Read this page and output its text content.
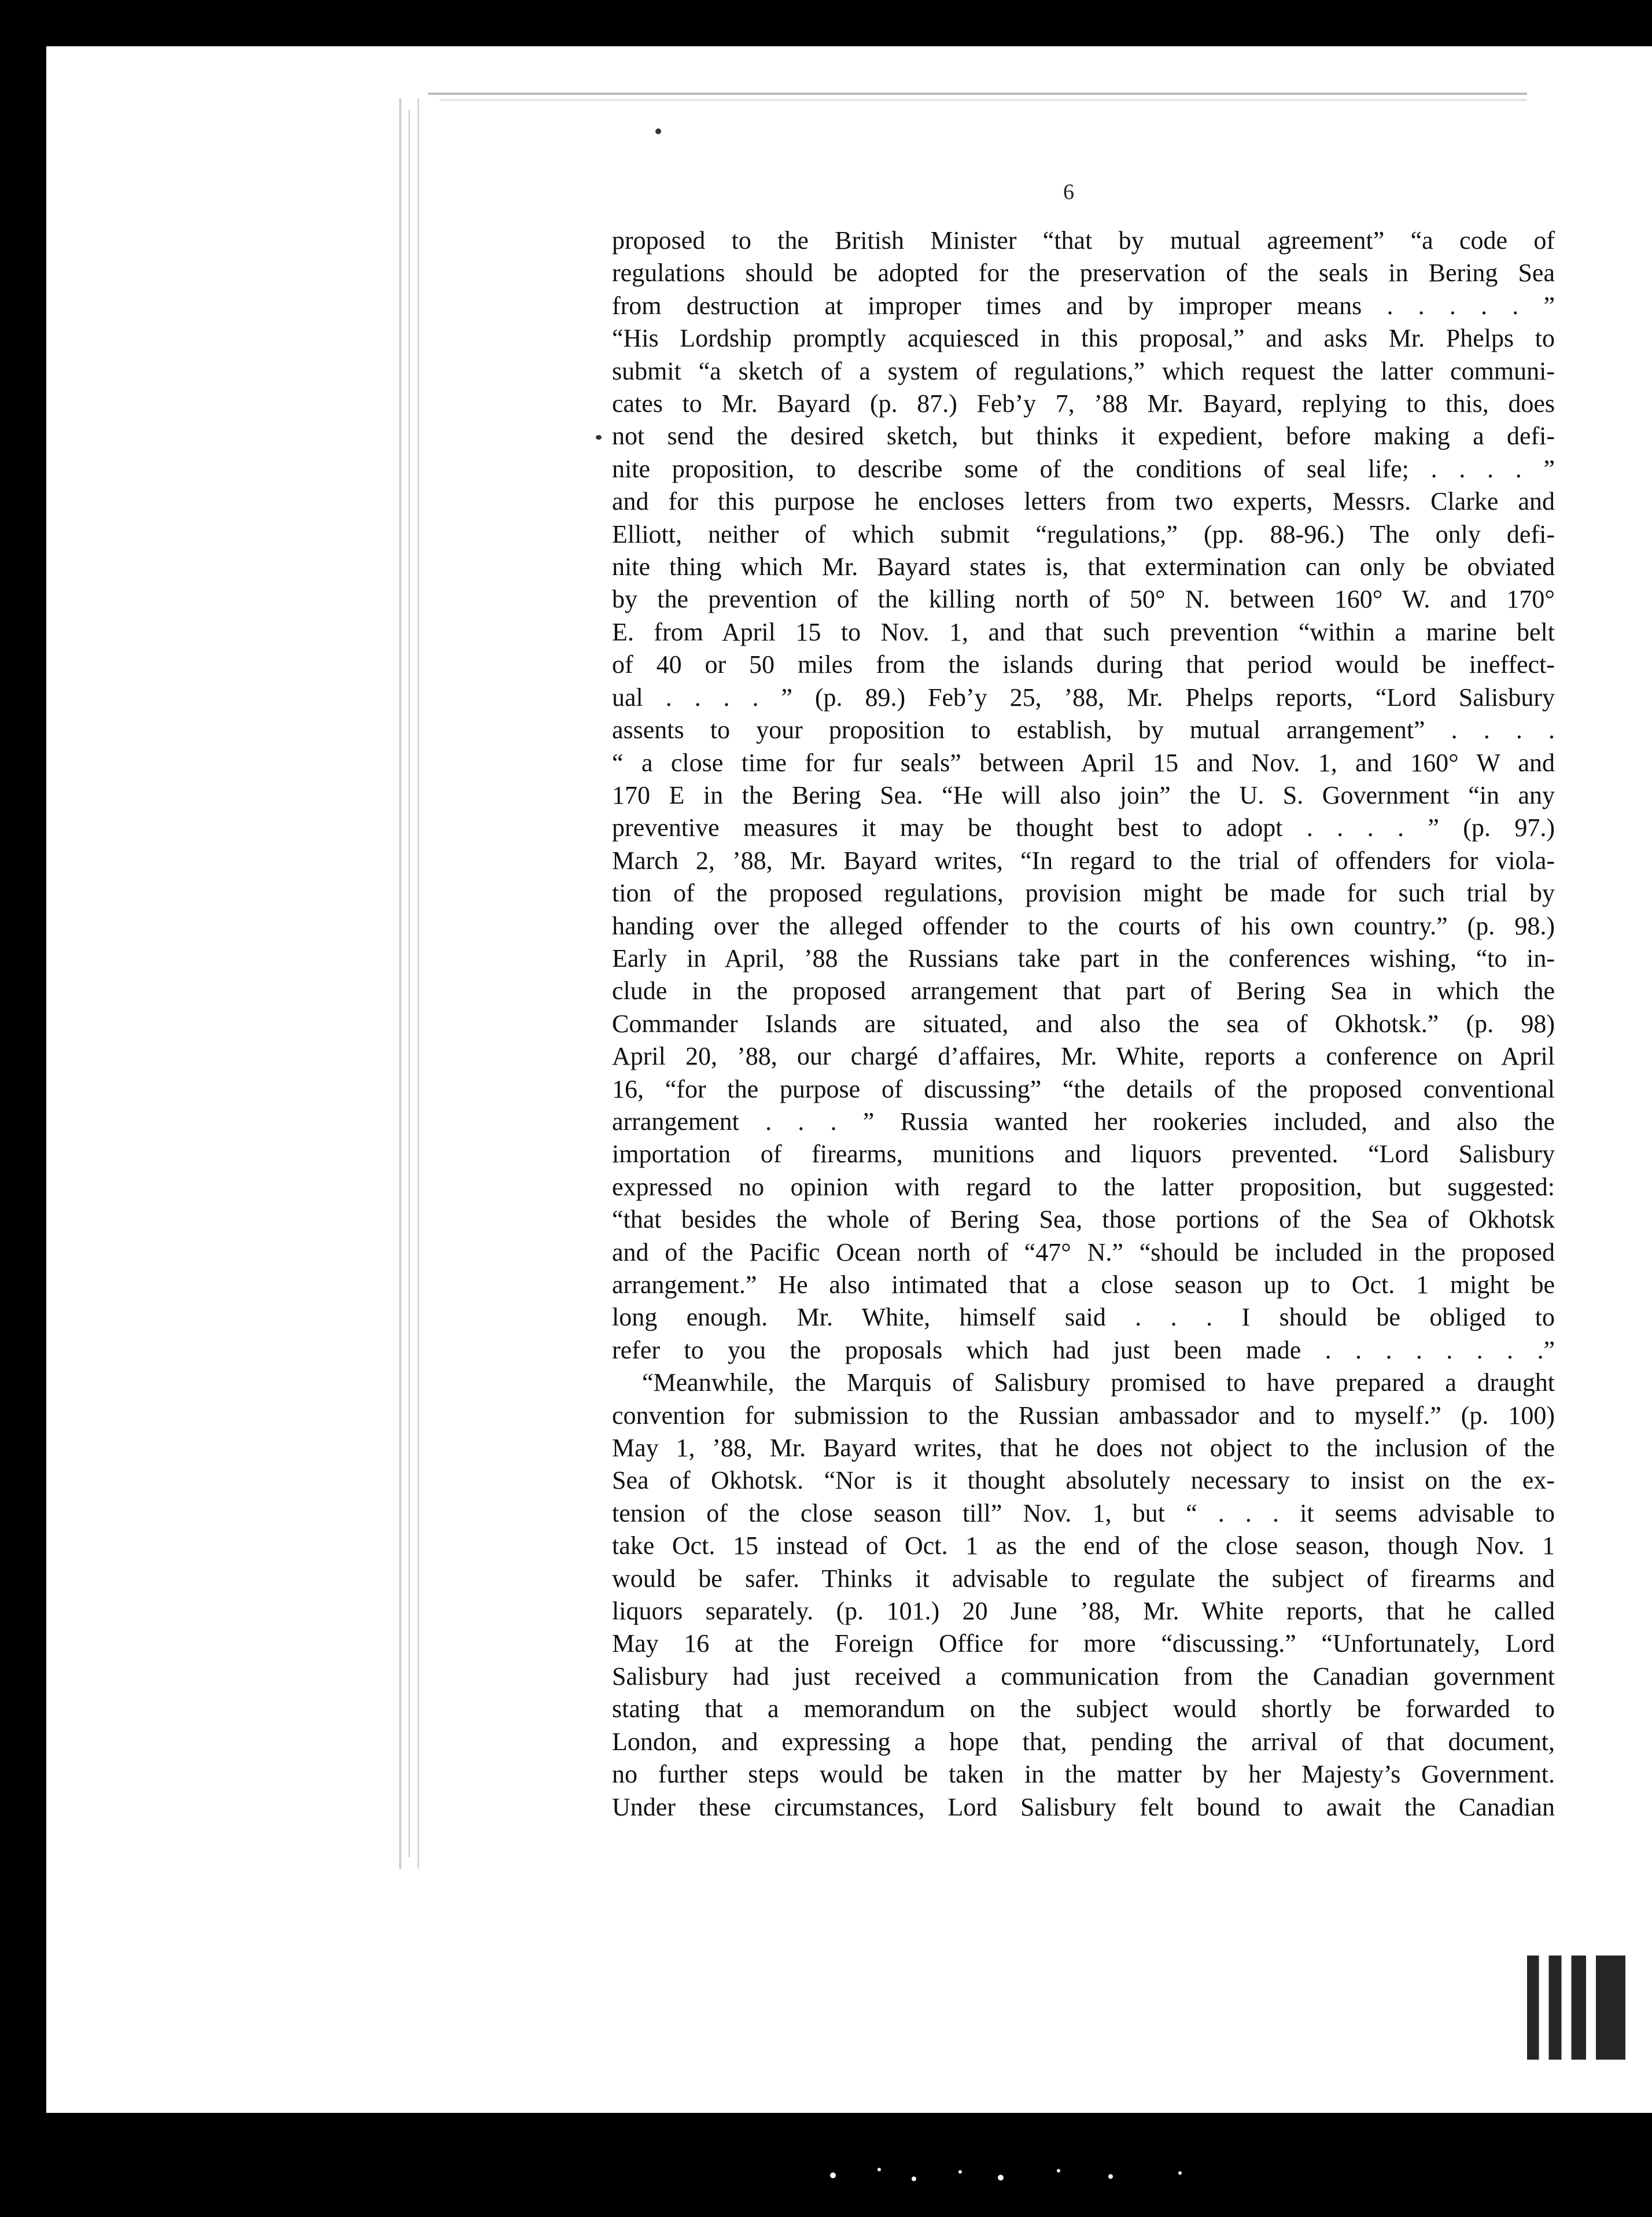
6
proposed to the British Minister “that by mutual agreement” “a code of
regulations should be adopted for the preservation of the seals in Bering Sea
from destruction at improper times and by improper means . . . . . ”
“His Lordship promptly acquiesced in this proposal,” and asks Mr. Phelps to
submit “a sketch of a system of regulations,” which request the latter communi-
cates to Mr. Bayard (p. 87.) Feb’y 7, ’88 Mr. Bayard, replying to this, does
not send the desired sketch, but thinks it expedient, before making a defi-
nite proposition, to describe some of the conditions of seal life; . . . . ”
and for this purpose he encloses letters from two experts, Messrs. Clarke and
Elliott, neither of which submit “regulations,” (pp. 88-96.) The only defi-
nite thing which Mr. Bayard states is, that extermination can only be obviated
by the prevention of the killing north of 50° N. between 160° W. and 170°
E. from April 15 to Nov. 1, and that such prevention “within a marine belt
of 40 or 50 miles from the islands during that period would be ineffect-
ual . . . . ” (p. 89.) Feb’y 25, ’88, Mr. Phelps reports, “Lord Salisbury
assents to your proposition to establish, by mutual arrangement” . . . .
“ a close time for fur seals” between April 15 and Nov. 1, and 160° W and
170 E in the Bering Sea. “He will also join” the U. S. Government “in any
preventive measures it may be thought best to adopt . . . . ” (p. 97.)
March 2, ’88, Mr. Bayard writes, “In regard to the trial of offenders for viola-
tion of the proposed regulations, provision might be made for such trial by
handing over the alleged offender to the courts of his own country.” (p. 98.)
Early in April, ’88 the Russians take part in the conferences wishing, “to in-
clude in the proposed arrangement that part of Bering Sea in which the
Commander Islands are situated, and also the sea of Okhotsk.” (p. 98)
April 20, ’88, our chargé d’affaires, Mr. White, reports a conference on April
16, “for the purpose of discussing” “the details of the proposed conventional
arrangement . . . ” Russia wanted her rookeries included, and also the
importation of firearms, munitions and liquors prevented. “Lord Salisbury
expressed no opinion with regard to the latter proposition, but suggested:
“that besides the whole of Bering Sea, those portions of the Sea of Okhotsk
and of the Pacific Ocean north of “47° N.” “should be included in the proposed
arrangement.” He also intimated that a close season up to Oct. 1 might be
long enough. Mr. White, himself said . . . I should be obliged to
refer to you the proposals which had just been made . . . . . . . .”
“Meanwhile, the Marquis of Salisbury promised to have prepared a draught
convention for submission to the Russian ambassador and to myself.” (p. 100)
May 1, ’88, Mr. Bayard writes, that he does not object to the inclusion of the
Sea of Okhotsk. “Nor is it thought absolutely necessary to insist on the ex-
tension of the close season till” Nov. 1, but “ . . . it seems advisable to
take Oct. 15 instead of Oct. 1 as the end of the close season, though Nov. 1
would be safer. Thinks it advisable to regulate the subject of firearms and
liquors separately. (p. 101.) 20 June ’88, Mr. White reports, that he called
May 16 at the Foreign Office for more “discussing.” “Unfortunately, Lord
Salisbury had just received a communication from the Canadian government
stating that a memorandum on the subject would shortly be forwarded to
London, and expressing a hope that, pending the arrival of that document,
no further steps would be taken in the matter by her Majesty’s Government.
Under these circumstances, Lord Salisbury felt bound to await the Canadian
